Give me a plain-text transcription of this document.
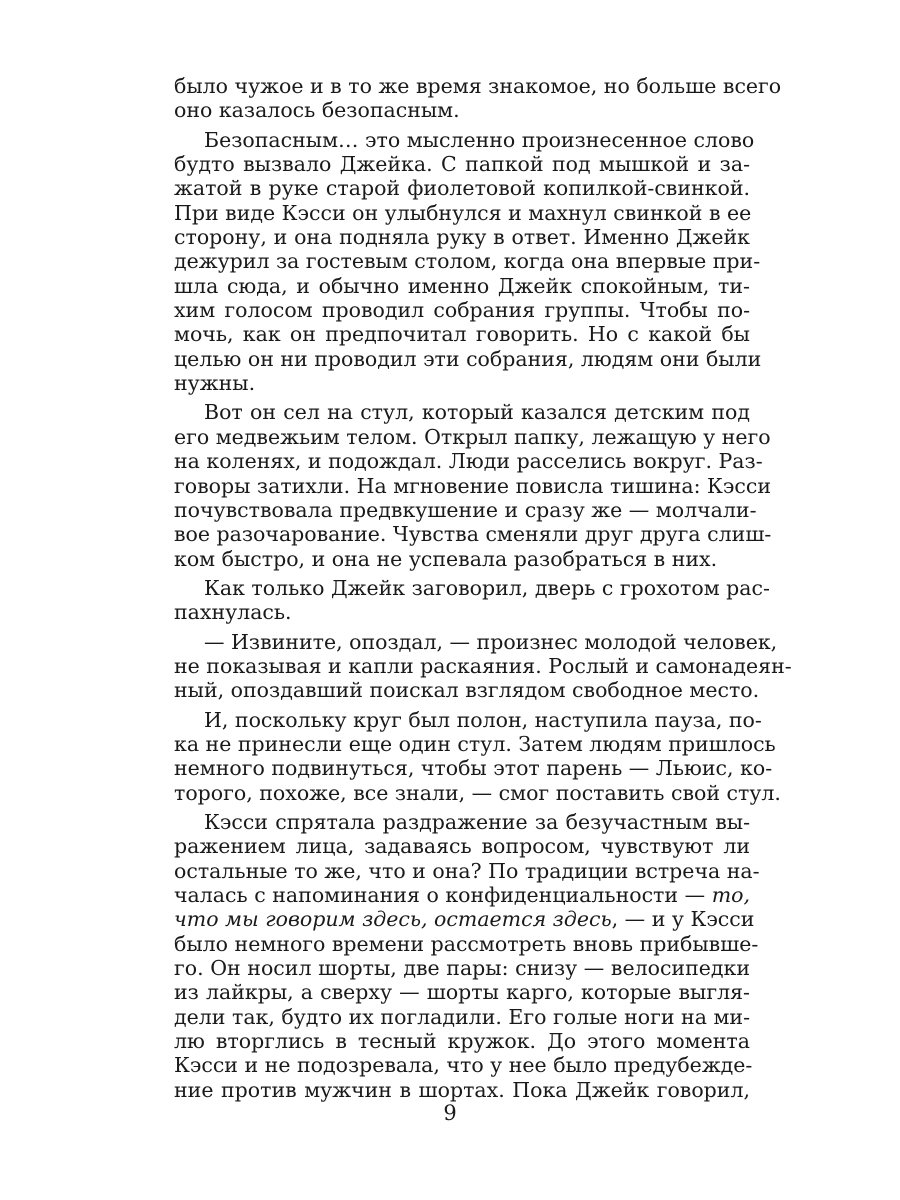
было чужое и в то же время знакомое, но больше всего
оно казалось безопасным.

Безопасным… это мысленно произнесенное слово
будто вызвало Джейка. С папкой под мышкой и за-
жатой в руке старой фиолетовой копилкой-свинкой.
При виде Кэсси он улыбнулся и махнул свинкой в ее
сторону, и она подняла руку в ответ. Именно Джейк
дежурил за гостевым столом, когда она впервые при-
шла сюда, и обычно именно Джейк спокойным, ти-
хим голосом проводил собрания группы. Чтобы по-
мочь, как он предпочитал говорить. Но с какой бы
целью он ни проводил эти собрания, людям они были
нужны.

Вот он сел на стул, который казался детским под
его медвежьим телом. Открыл папку, лежащую у него
на коленях, и подождал. Люди расселись вокруг. Раз-
говоры затихли. На мгновение повисла тишина: Кэсси
почувствовала предвкушение и сразу же — молчали-
вое разочарование. Чувства сменяли друг друга слиш-
ком быстро, и она не успевала разобраться в них.

Как только Джейк заговорил, дверь с грохотом рас-
пахнулась.

— Извините, опоздал, — произнес молодой человек,
не показывая и капли раскаяния. Рослый и самонадеян-
ный, опоздавший поискал взглядом свободное место.

И, поскольку круг был полон, наступила пауза, по-
ка не принесли еще один стул. Затем людям пришлось
немного подвинуться, чтобы этот парень — Льюис, ко-
торого, похоже, все знали, — смог поставить свой стул.

Кэсси спрятала раздражение за безучастным вы-
ражением лица, задаваясь вопросом, чувствуют ли
остальные то же, что и она? По традиции встреча на-
чалась с напоминания о конфиденциальности — то,
что мы говорим здесь, остается здесь, — и у Кэсси
было немного времени рассмотреть вновь прибывше-
го. Он носил шорты, две пары: снизу — велосипедки
из лайкры, а сверху — шорты карго, которые выгля-
дели так, будто их погладили. Его голые ноги на ми-
лю вторглись в тесный кружок. До этого момента
Кэсси и не подозревала, что у нее было предубежде-
ние против мужчин в шортах. Пока Джейк говорил,

9
